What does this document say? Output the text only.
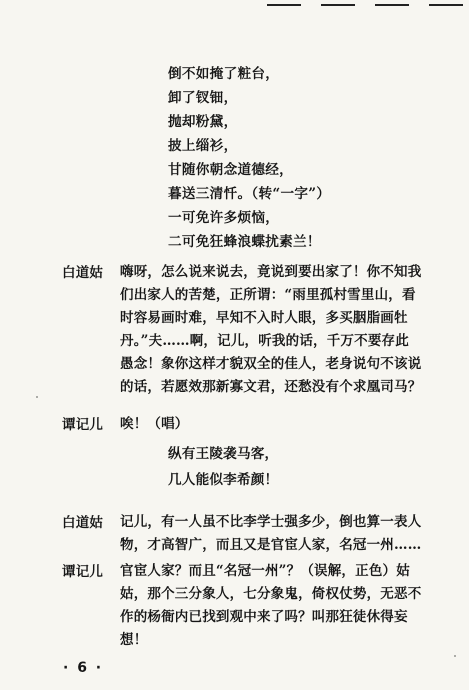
倒不如掩了粧台，
卸了钗钿，
抛却粉黛，
披上缁衫，
甘随你朝念道德经，
暮送三清忏。（转“一字”）
一可免许多烦恼，
二可免狂蜂浪蝶扰素兰！
白道姑	嗨呀，怎么说来说去，竟说到要出家了！你不知我
们出家人的苦楚，正所谓：“雨里孤村雪里山，看
时容易画时难，早知不入时人眼，多买胭脂画牡
丹。”夫……啊，记儿，听我的话，千万不要存此
愚念！象你这样才貌双全的佳人，老身说句不该说
的话，若愿效那新寡文君，还愁没有个求凰司马？
谭记儿	唉！（唱）
纵有王陵袭马客，
几人能似李希颜！
白道姑	记儿，有一人虽不比李学士强多少，倒也算一表人
物，才高智广，而且又是官宦人家，名冠一州……
谭记儿	官宦人家？而且“名冠一州”？（误解，正色）姑
姑，那个三分象人，七分象鬼，倚权仗势，无恶不
作的杨衙内已找到观中来了吗？叫那狂徒休得妄
想！
· 6 ·
